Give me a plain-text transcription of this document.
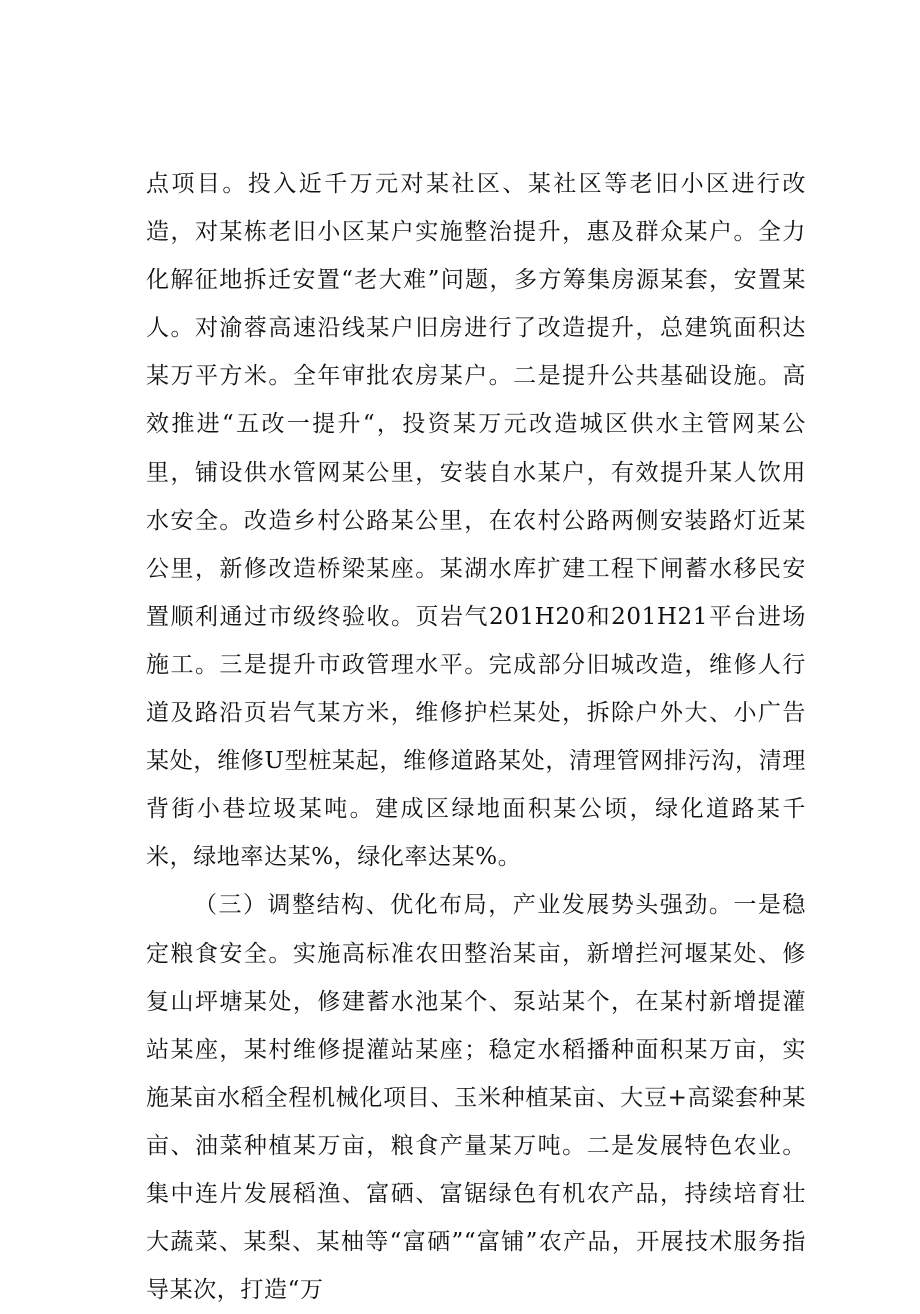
点项目。投入近千万元对某社区、某社区等老旧小区进行改造，对某栋老旧小区某户实施整治提升，惠及群众某户。全力化解征地拆迁安置“老大难”问题，多方筹集房源某套，安置某人。对渝蓉高速沿线某户旧房进行了改造提升，总建筑面积达某万平方米。全年审批农房某户。二是提升公共基础设施。高效推进“五改一提升“，投资某万元改造城区供水主管网某公里，铺设供水管网某公里，安装自水某户，有效提升某人饮用水安全。改造乡村公路某公里，在农村公路两侧安装路灯近某公里，新修改造桥梁某座。某湖水库扩建工程下闸蓄水移民安置顺利通过市级终验收。页岩气201H20和201H21平台进场施工。三是提升市政管理水平。完成部分旧城改造，维修人行道及路沿页岩气某方米，维修护栏某处，拆除户外大、小广告某处，维修U型桩某起，维修道路某处，清理管网排污沟，清理背街小巷垃圾某吨。建成区绿地面积某公顷，绿化道路某千米，绿地率达某%，绿化率达某%。

（三）调整结构、优化布局，产业发展势头强劲。一是稳定粮食安全。实施高标准农田整治某亩，新增拦河堰某处、修复山坪塘某处，修建蓄水池某个、泵站某个，在某村新增提灌站某座，某村维修提灌站某座；稳定水稻播种面积某万亩，实施某亩水稻全程机械化项目、玉米种植某亩、大豆+高粱套种某亩、油菜种植某万亩，粮食产量某万吨。二是发展特色农业。集中连片发展稻渔、富硒、富锯绿色有机农产品，持续培育壮大蔬菜、某梨、某柚等“富硒”“富铺”农产品，开展技术服务指导某次，打造“万
